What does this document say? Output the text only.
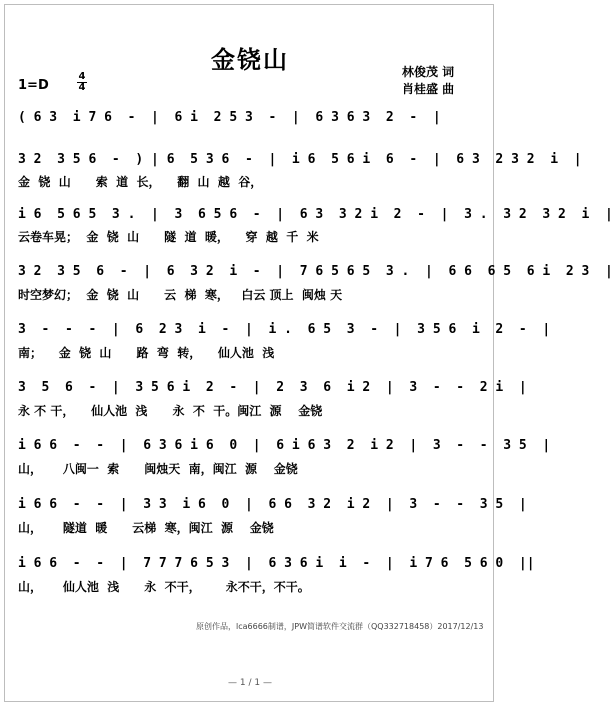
金铙山	林俊茂 词
肖桂盛 曲
1=D
4
4
( 6 3  i 7 6  -  |  6 i  2 5 3  -  |  6 3 6 3  2  -  |
3 2  3 5 6  -  ) | 6  5 3 6  -  |  i 6  5 6 i  6  -  |  6 3  2 3 2  i  |
金  铙  山      索  道  长，    翻  山  越  谷，
i 6  5 6 5  3 .  |  3  6 5 6  -  |  6 3  3 2 i  2  -  |  3 .  3 2  3 2  i  |
云卷车晃；  金  铙  山      隧  道  暖，    穿  越  千  米
3 2  3 5  6  -  |  6  3 2  i  -  |  7 6 5 6 5  3 .  |  6 6  6 5  6 i  2 3  |
时空梦幻；  金  铙  山      云  梯  寒，   白云 顶上  闽烛 天
3  -  -  -  |  6  2 3  i  -  |  i .  6 5  3  -  |  3 5 6  i  2  -  |
南；    金  铙  山      路  弯  转，    仙人池  浅
3  5  6  -  |  3 5 6 i  2  -  |  2  3  6  i 2  |  3  -  -  2 i  |
永 不 干，    仙人池  浅      永  不  干。闽江  源    金铙
i 6 6  -  -  |  6 3 6 i 6  0  |  6 i 6 3  2  i 2  |  3  -  -  3 5  |
山，     八闽一  索      闽烛天  南，闽江  源    金铙
i 6 6  -  -  |  3 3  i 6  0  |  6 6  3 2  i 2  |  3  -  -  3 5  |
山，     隧道  暖      云梯  寒，闽江  源    金铙
i 6 6  -  -  |  7 7 7 6 5 3  |  6 3 6 i  i  -  |  i 7 6  5 6 0  ||
山，     仙人池  浅      永  不干，      永不干，不干。
原创作品，lca6666制谱，JPW简谱软件交流群（QQ332718458）2017/12/13
— 1 / 1 —
